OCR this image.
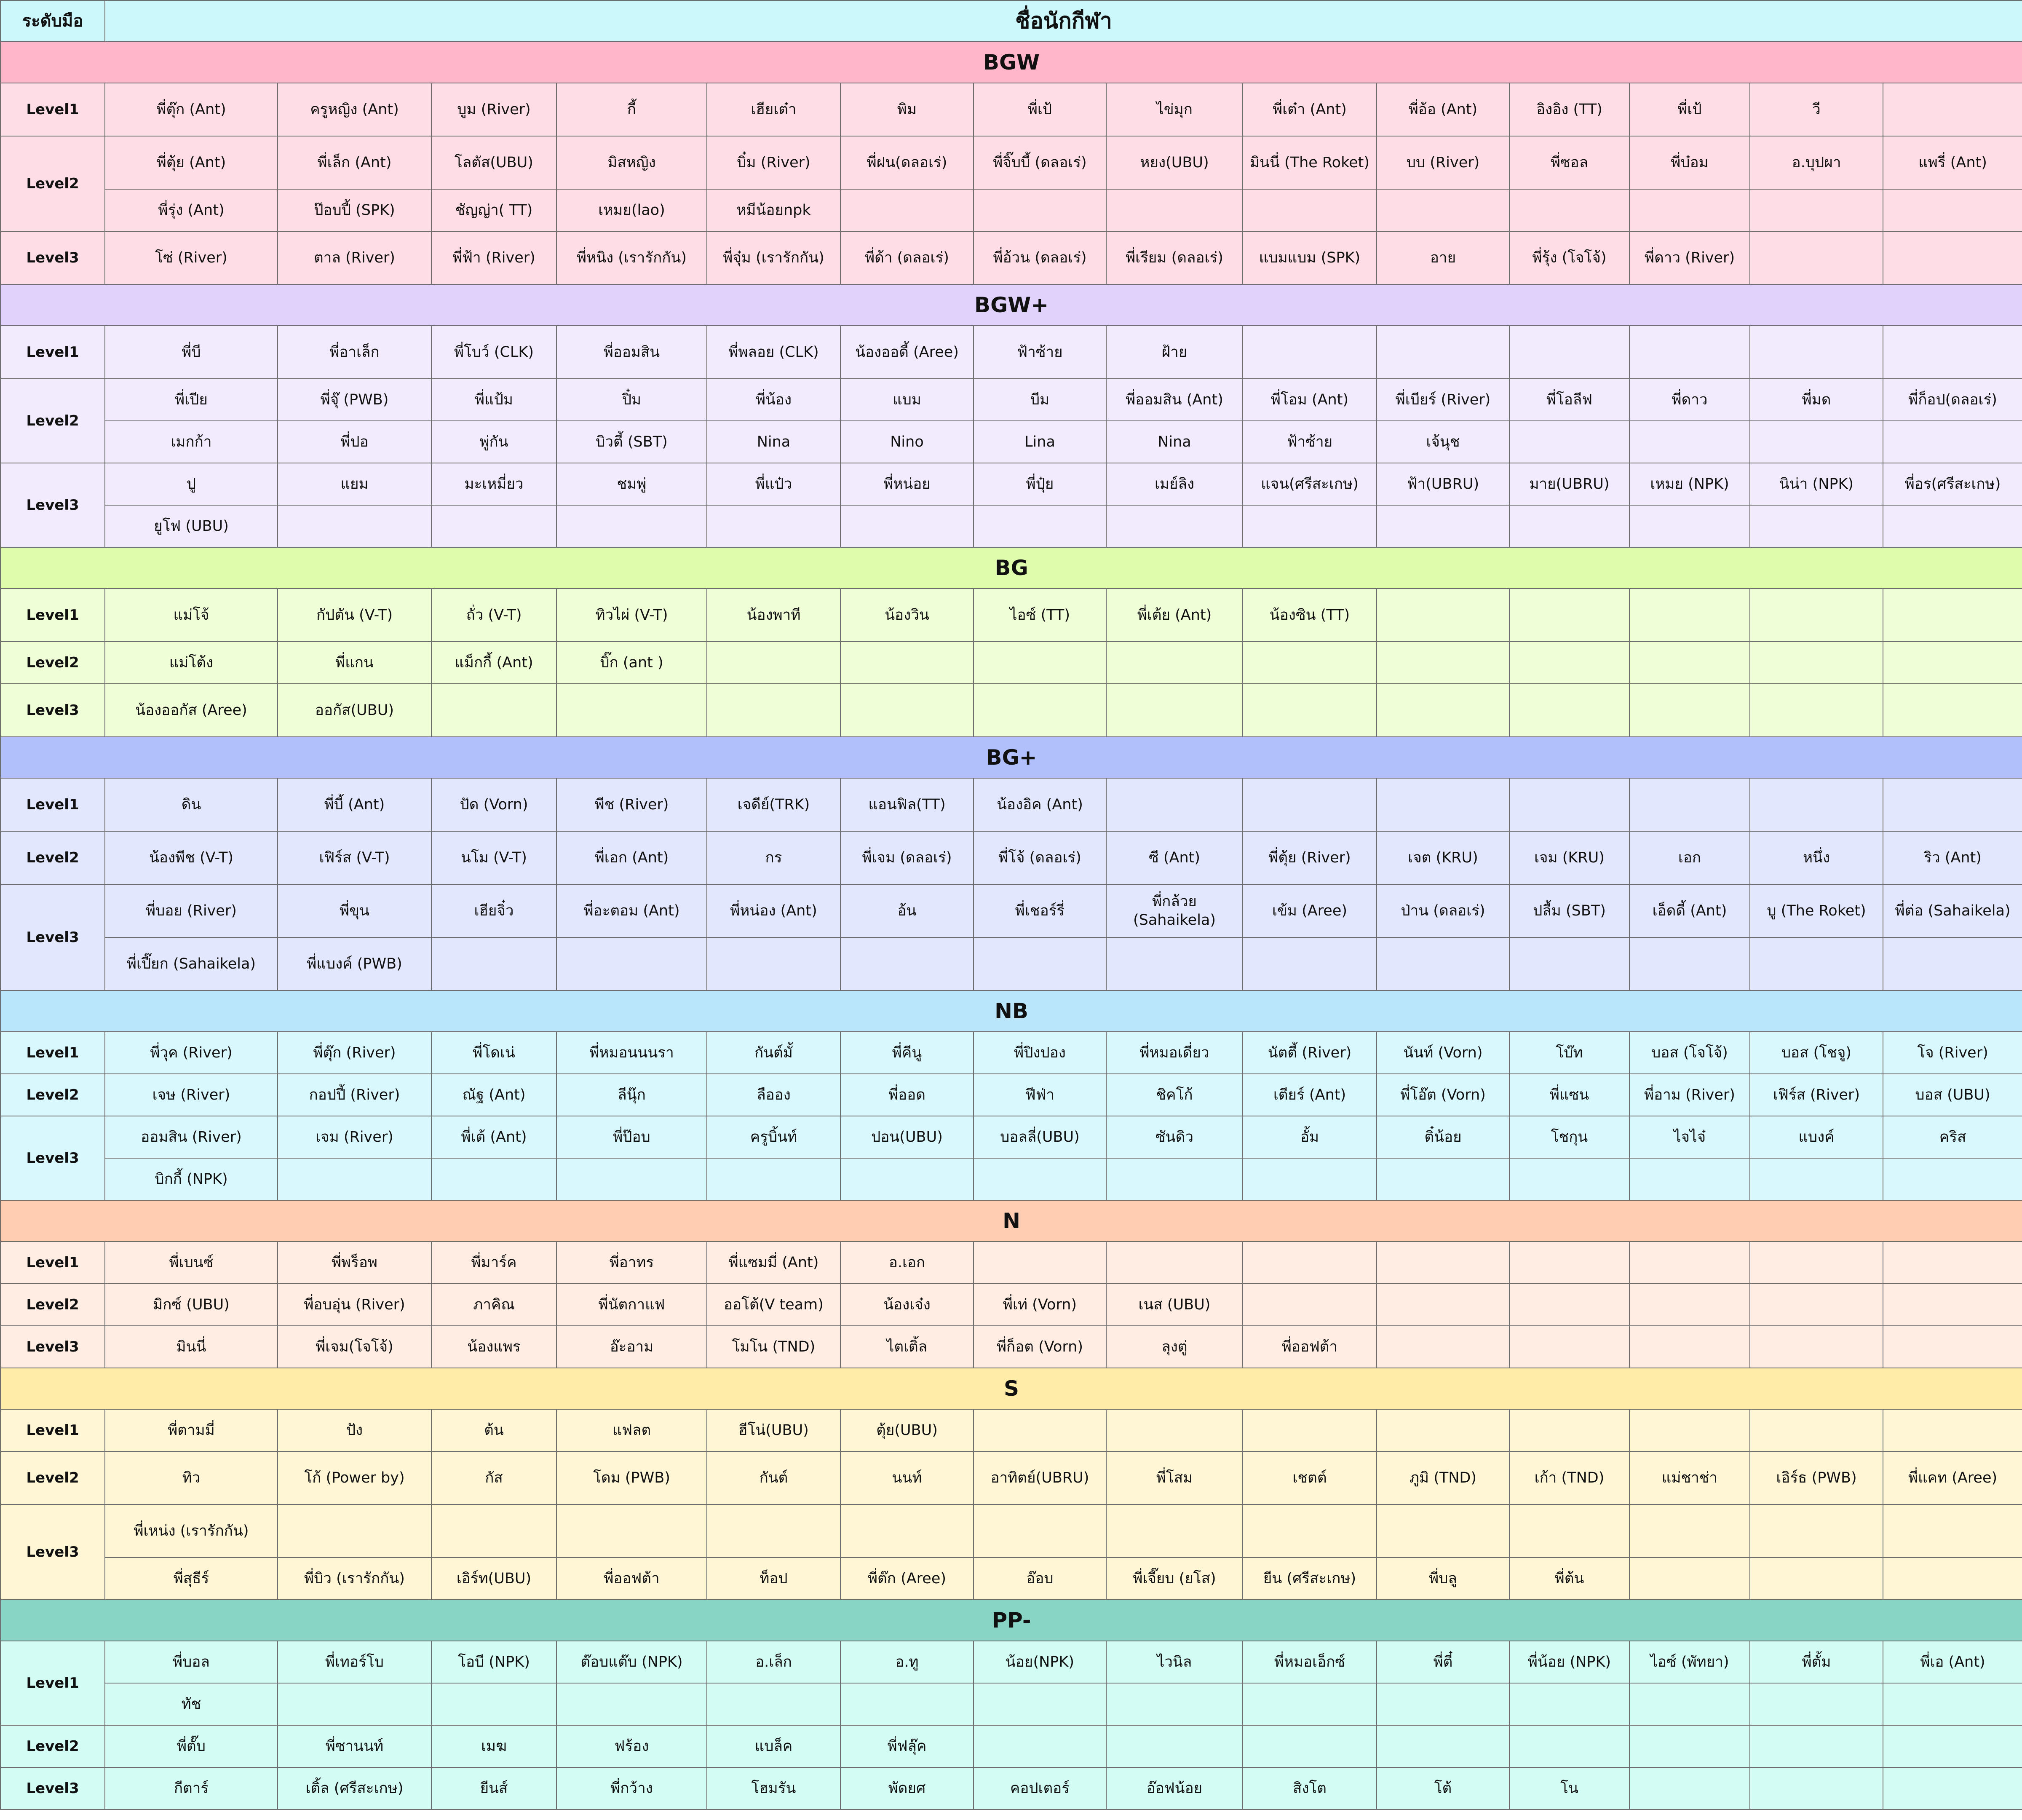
ระดับมือ	ชื่อนักกีฬา													
BGW														
Level1	พี่ตุ๊ก (Ant)	ครูหญิง (Ant)	บูม (River)	กี้	เฮียเต๋า	พิม	พี่เป้	ไข่มุก	พี่เต๋า (Ant)	พี่อ้อ (Ant)	อิงอิง (TT)	พี่เป้	วี	
Level2	พี่ตุ้ย (Ant)	พี่เล็ก (Ant)	โลตัส(UBU)	มิสหญิง	บิ๋ม (River)	พี่ฝน(ดลอเร่)	พี่จิ๊บบี้ (ดลอเร่)	หยง(UBU)	มินนี่ (The Roket)	บบ (River)	พี่ซอล	พี่บ๋อม	อ.บุปผา	แพรี่ (Ant)
	พี่รุ่ง (Ant)	ป๊อบปี้ (SPK)	ชัญญ่า( TT)	เหมย(lao)	หมีน้อยnpk									
Level3	โซ่ (River)	ตาล (River)	พี่ฟ้า (River)	พี่หนิง (เรารักกัน)	พี่จุ๋ม (เรารักกัน)	พี่ด้า (ดลอเร่)	พี่อ้วน (ดลอเร่)	พี่เรียม (ดลอเร่)	แบมแบม (SPK)	อาย	พี่รุ้ง (โจโจ้)	พี่ดาว (River)		
BGW+														
Level1	พี่บี	พี่อาเล็ก	พี่โบว์ (CLK)	พี่ออมสิน	พี่พลอย (CLK)	น้องออดี้ (Aree)	ฟ้าซ้าย	ฝ้าย						
Level2	พี่เปีย	พี่จุ๊ (PWB)	พี่แป้ม	ปิ๋ม	พี่น้อง	แบม	บีม	พี่ออมสิน (Ant)	พี่โอม (Ant)	พี่เบียร์ (River)	พี่โอลีฟ	พี่ดาว	พี่มด	พี่ก็อป(ดลอเร่)
	เมกก้า	พี่ปอ	พู่กัน	บิวตี้ (SBT)	Nina	Nino	Lina	Nina	ฟ้าซ้าย	เจ้นุช				
Level3	ปู	แยม	มะเหมี่ยว	ชมพู่	พี่แป๋ว	พี่หน่อย	พี่ปุ๋ย	เมย์ลิง	แจน(ศรีสะเกษ)	ฟ้า(UBRU)	มาย(UBRU)	เหมย (NPK)	นิน่า (NPK)	พี่อร(ศรีสะเกษ)
	ยูโฟ (UBU)													
BG														
Level1	แม่โจ้	กัปตัน (V-T)	ถั่ว (V-T)	ทิวไผ่ (V-T)	น้องพาที	น้องวิน	ไอซ์ (TT)	พี่เต้ย (Ant)	น้องซิน (TT)					
Level2	แม่โต้ง	พี่แกน	แม็กกี้ (Ant)	บิ๊ก (ant )										
Level3	น้องออกัส (Aree)	ออกัส(UBU)												
BG+														
Level1	ดิน	พี่บี้ (Ant)	ปัด (Vorn)	พีช (River)	เจดีย์(TRK)	แอนฟิล(TT)	น้องอิค (Ant)							
Level2	น้องพีช (V-T)	เฟิร์ส (V-T)	นโม (V-T)	พี่เอก (Ant)	กร	พี่เจม (ดลอเร่)	พี่โจ้ (ดลอเร่)	ซี (Ant)	พี่ตุ้ย (River)	เจต (KRU)	เจม (KRU)	เอก	หนึ่ง	ริว (Ant)
Level3	พี่บอย (River)	พี่ขุน	เฮียจิ๋ว	พี่อะตอม (Ant)	พี่หน่อง (Ant)	อ้น	พี่เชอร์รี่	พี่กล้วย (Sahaikela)	เข้ม (Aree)	ป่าน (ดลอเร่)	ปลื้ม (SBT)	เอ็ดดี้ (Ant)	บู (The Roket)	พี่ต่อ (Sahaikela)
	พี่เปี๊ยก (Sahaikela)	พี่แบงค์ (PWB)												
NB														
Level1	พี่วุค (River)	พี่ตุ๊ก (River)	พี่โดเน่	พี่หมอนนนรา	กันต์มั้	พี่คีนู	พี่ปิงปอง	พี่หมอเดี่ยว	นัตตี้ (River)	นันท์ (Vorn)	โบ๊ท	บอส (โจโจ้)	บอส (โชจู)	โจ (River)
Level2	เจษ (River)	กอปปี้ (River)	ณัฐ (Ant)	ลีนุ๊ก	ลืออง	พี่ออด	ฟีฟ่า	ชิคโก้	เตียร์ (Ant)	พี่โอ๊ต (Vorn)	พี่แซน	พี่อาม (River)	เฟิร์ส (River)	บอส (UBU)
Level3	ออมสิน (River)	เจม (River)	พี่เต้ (Ant)	พี่ป๊อบ	ครูบิ้นท์	ปอน(UBU)	บอลลี่(UBU)	ซันดิว	อั้ม	ติ๋น้อย	โชกุน	ไจไจ๋	แบงค์	คริส
	บิกกี้ (NPK)													
N														
Level1	พี่เบนซ์	พี่พร็อพ	พี่มาร์ค	พี่อาทร	พี่แซมมี่ (Ant)	อ.เอก								
Level2	มิกซ์ (UBU)	พี่อบอุ่น (River)	ภาคิณ	พี่นัตกาแฟ	ออโต้(V team)	น้องเจ๋ง	พี่เท่ (Vorn)	เนส (UBU)						
Level3	มินนี่	พี่เจม(โจโจ้)	น้องแพร	อ๊ะอาม	โมโน (TND)	ไตเติ้ล	พี่ก็อต (Vorn)	ลุงตู่	พี่ออฟต้า					
S														
Level1	พี่ตามมี่	ปัง	ต้น	แฟลต	ฮีโน่(UBU)	ตุ้ย(UBU)								
Level2	ทิว	โก้ (Power by)	กัส	โดม (PWB)	กันต์	นนท์	อาทิตย์(UBRU)	พี่โสม	เชตต์	ภูมิ (TND)	เก้า (TND)	แม่ชาช่า	เอิร์ธ (PWB)	พี่แคท (Aree)
Level3	พี่เหน่ง (เรารักกัน)													
	พี่สุธีร์	พี่บิว (เรารักกัน)	เอิร์ท(UBU)	พี่ออฟต้า	ท็อป	พี่ต๊ก (Aree)	อ๊อบ	พี่เจี๊ยบ (ยโส)	ยีน (ศรีสะเกษ)	พี่บลู	พี่ต้น			
PP-														
Level1	พี่บอล	พี่เทอร์โบ	โอบี (NPK)	ต๊อบแต๊บ (NPK)	อ.เล็ก	อ.ทู	น้อย(NPK)	ไวนิล	พี่หมอเอ็กซ์	พี่ตี๋	พี่น้อย (NPK)	ไอซ์ (พัทยา)	พี่ตั้ม	พี่เอ (Ant)
	ทัช													
Level2	พี่ตั๊บ	พี่ซานนท์	เมฆ	ฟร้อง	แบล็ค	พี่ฟลุ๊ค								
Level3	กีตาร์	เติ้ล (ศรีสะเกษ)	ยีนส์	พี่กว้าง	โฮมรัน	พัดยศ	คอปเตอร์	อ๊อฟน้อย	สิงโต	โต้	โน			
